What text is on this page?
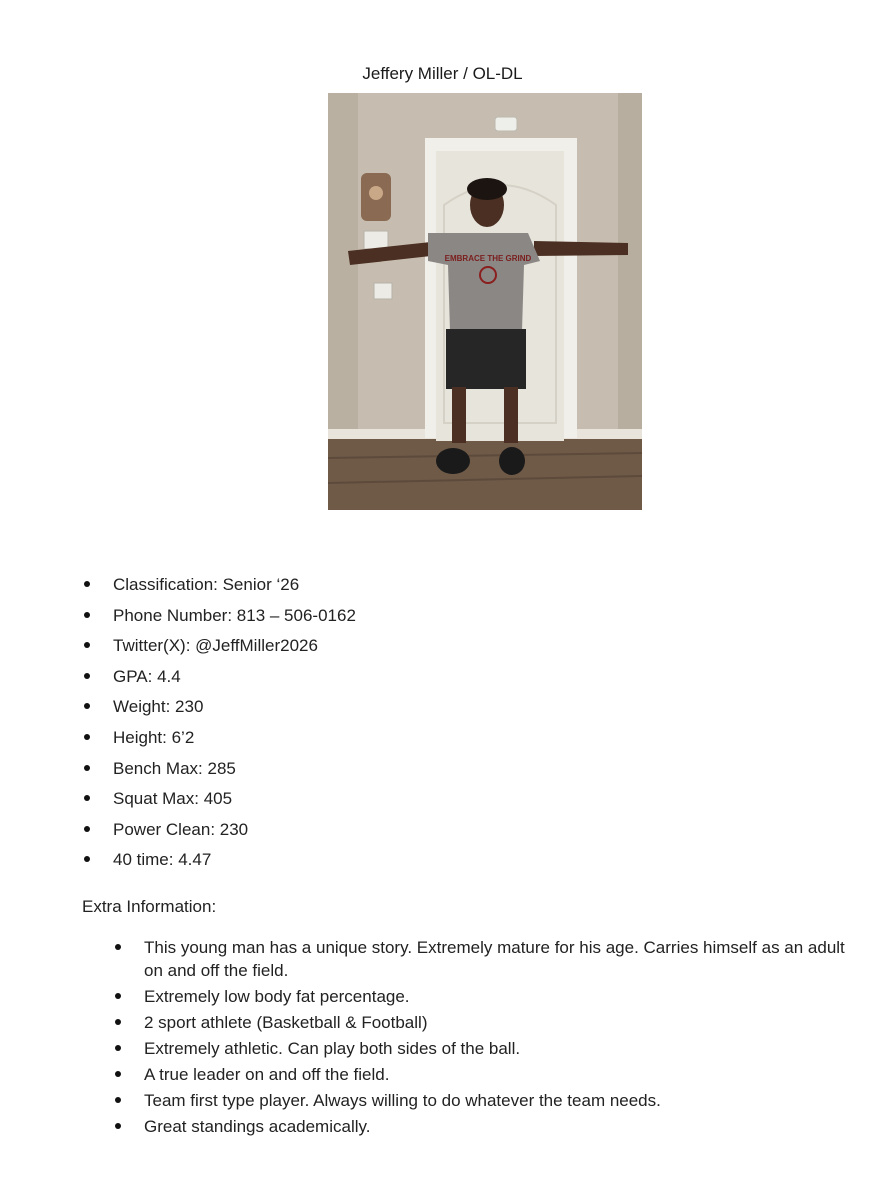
Jeffery Miller / OL-DL
EMBRACE THE GRIND
Classification: Senior ‘26
Phone Number: 813 – 506-0162
Twitter(X): @JeffMiller2026
GPA: 4.4
Weight: 230
Height: 6’2
Bench Max: 285
Squat Max: 405
Power Clean: 230
40 time: 4.47
Extra Information:
This young man has a unique story. Extremely mature for his age. Carries himself as an adult on and off the field.
Extremely low body fat percentage.
2 sport athlete (Basketball & Football)
Extremely athletic. Can play both sides of the ball.
A true leader on and off the field.
Team first type player. Always willing to do whatever the team needs.
Great standings academically.
